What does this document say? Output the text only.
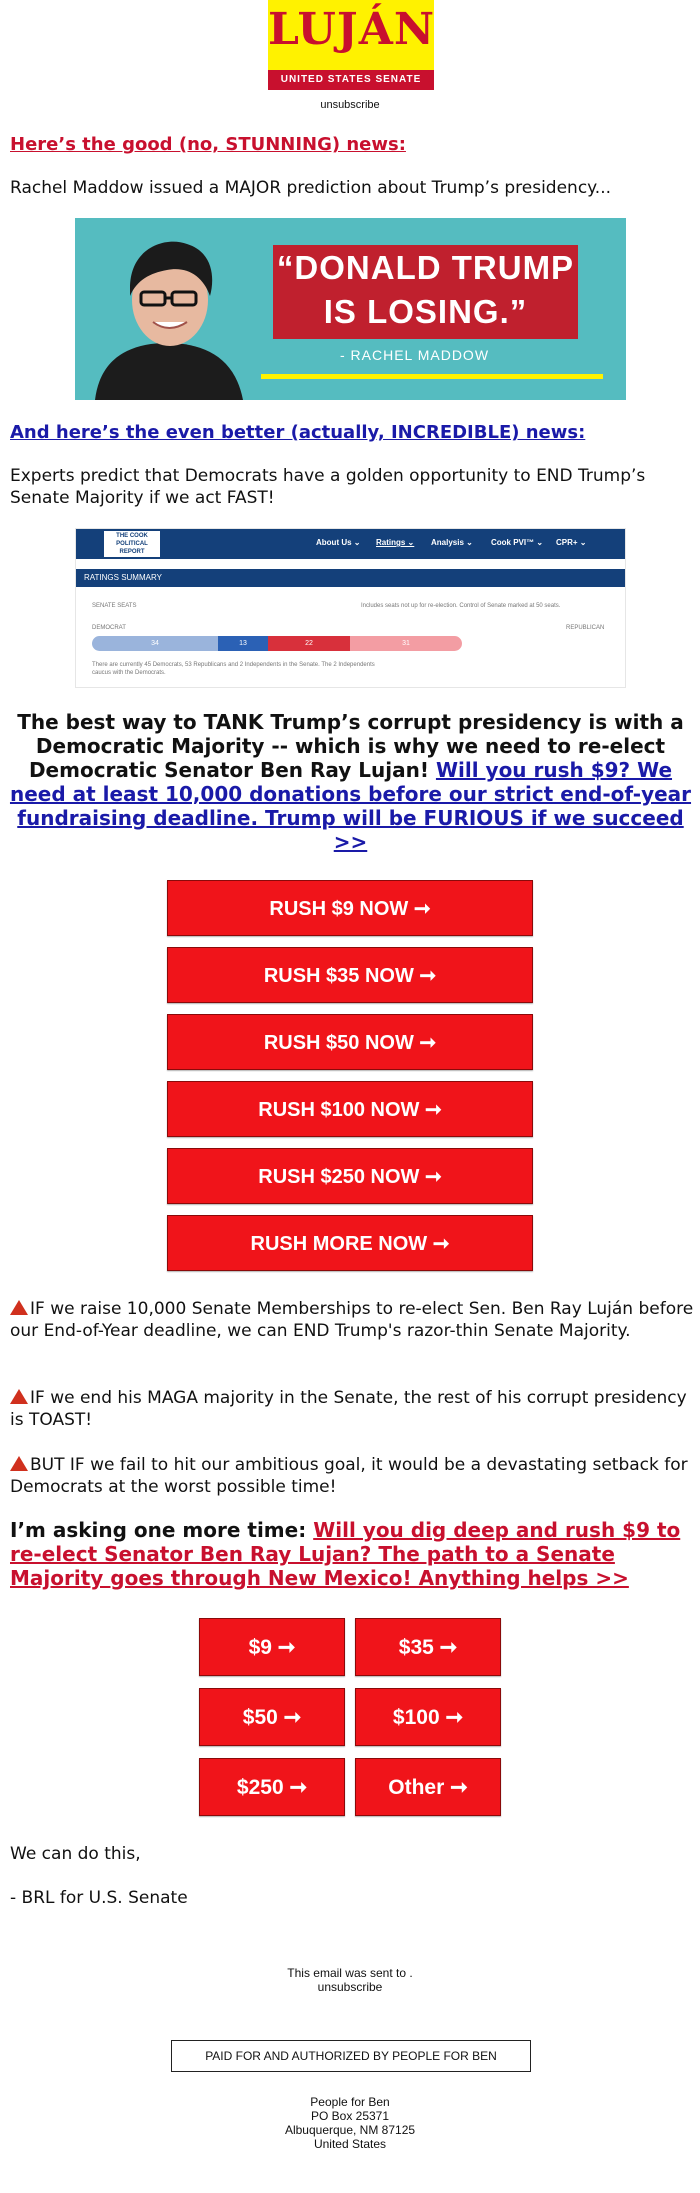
LUJÁN
UNITED STATES SENATE
unsubscribe
Here’s the good (no, STUNNING) news:
Rachel Maddow issued a MAJOR prediction about Trump’s presidency...
“DONALD TRUMP
IS LOSING.”
- RACHEL MADDOW
And here’s the even better (actually, INCREDIBLE) news:
Experts predict that Democrats have a golden opportunity to END Trump’s Senate Majority if we act FAST!
THE COOK POLITICAL REPORT
About Us ⌄ Ratings ⌄ Analysis ⌄ Cook PVI™ ⌄ CPR+ ⌄
RATINGS SUMMARY
SENATE SEATS	Includes seats not up for re-election. Control of Senate marked at 50 seats.
DEMOCRAT	REPUBLICAN
34	13	22	31
There are currently 45 Democrats, 53 Republicans and 2 Independents in the Senate. The 2 Independents caucus with the Democrats.
The best way to TANK Trump’s corrupt presidency is with a Democratic Majority -- which is why we need to re-elect Democratic Senator Ben Ray Lujan! Will you rush $9? We need at least 10,000 donations before our strict end-of-year fundraising deadline. Trump will be FURIOUS if we succeed >>
RUSH $9 NOW ➞
RUSH $35 NOW ➞
RUSH $50 NOW ➞
RUSH $100 NOW ➞
RUSH $250 NOW ➞
RUSH MORE NOW ➞
IF we raise 10,000 Senate Memberships to re-elect Sen. Ben Ray Luján before our End-of-Year deadline, we can END Trump's razor-thin Senate Majority.
IF we end his MAGA majority in the Senate, the rest of his corrupt presidency is TOAST!
BUT IF we fail to hit our ambitious goal, it would be a devastating setback for Democrats at the worst possible time!
I’m asking one more time: Will you dig deep and rush $9 to re-elect Senator Ben Ray Lujan? The path to a Senate Majority goes through New Mexico! Anything helps >>
$9 ➞	$35 ➞
$50 ➞	$100 ➞
$250 ➞	Other ➞
We can do this,
- BRL for U.S. Senate
This email was sent to .
unsubscribe
PAID FOR AND AUTHORIZED BY PEOPLE FOR BEN
People for Ben
PO Box 25371
Albuquerque, NM 87125
United States
